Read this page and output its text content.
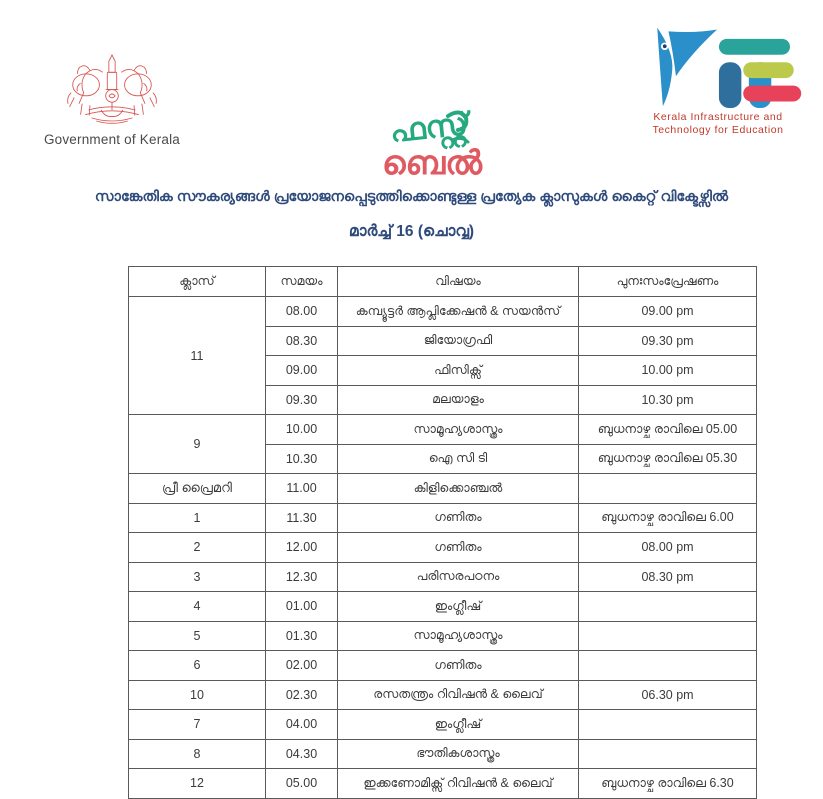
Government of Kerala	ഫസ്റ്റ്
ബെല്‍
Kerala Infrastructure and
Technology for Education
സാങ്കേതിക സൗകര്യങ്ങൾ പ്രയോജനപ്പെടുത്തിക്കൊണ്ടുള്ള പ്രത്യേക ക്ലാസുകൾ കൈറ്റ് വിക്ടേഴ്സിൽ
മാർച്ച് 16 (ചൊവ്വ)
ക്ലാസ്	സമയം	വിഷയം	പുനഃസംപ്രേഷണം
11	08.00	കമ്പ്യൂട്ടർ ആപ്ലിക്കേഷൻ & സയൻസ്	09.00 pm
	08.30	ജിയോഗ്രഫി	09.30 pm
	09.00	ഫിസിക്സ്	10.00 pm
	09.30	മലയാളം	10.30 pm
9	10.00	സാമൂഹ്യശാസ്ത്രം	ബുധനാഴ്ച രാവിലെ 05.00
	10.30	ഐ സി ടി	ബുധനാഴ്ച രാവിലെ 05.30
പ്രീ പ്രൈമറി	11.00	കിളിക്കൊഞ്ചൽ	
1	11.30	ഗണിതം	ബുധനാഴ്ച രാവിലെ 6.00
2	12.00	ഗണിതം	08.00 pm
3	12.30	പരിസരപഠനം	08.30 pm
4	01.00	ഇംഗ്ലീഷ്	
5	01.30	സാമൂഹ്യശാസ്ത്രം	
6	02.00	ഗണിതം	
10	02.30	രസതന്ത്രം റിവിഷൻ & ലൈവ്	06.30 pm
7	04.00	ഇംഗ്ലീഷ്	
8	04.30	ഭൗതികശാസ്ത്രം	
12	05.00	ഇക്കണോമിക്സ് റിവിഷൻ & ലൈവ്	ബുധനാഴ്ച രാവിലെ 6.30
